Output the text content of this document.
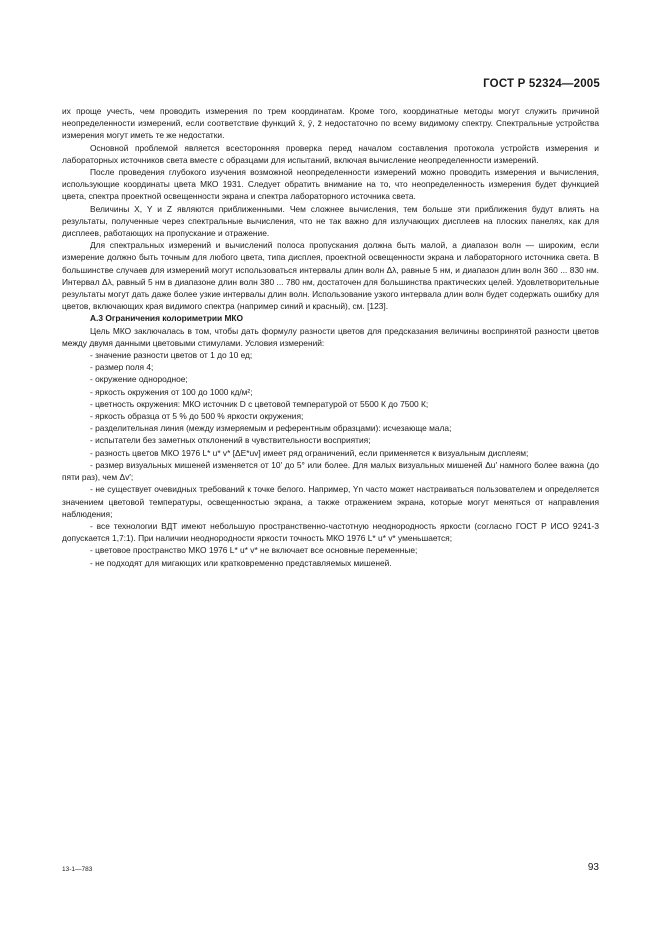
ГОСТ Р 52324—2005

их проще учесть, чем проводить измерения по трем координатам. Кроме того, координатные методы могут служить причиной неопределенности измерений, если соответствие функций x̄, ȳ, z̄ недостаточно по всему видимому спектру. Спектральные устройства измерения могут иметь те же недостатки.

Основной проблемой является всесторонняя проверка перед началом составления протокола устройств измерения и лабораторных источников света вместе с образцами для испытаний, включая вычисление неопределенности измерений.

После проведения глубокого изучения возможной неопределенности измерений можно проводить измерения и вычисления, использующие координаты цвета МКО 1931. Следует обратить внимание на то, что неопределенность измерения будет функцией цвета, спектра проектной освещенности экрана и спектра лабораторного источника света.

Величины X, Y и Z являются приближенными. Чем сложнее вычисления, тем больше эти приближения будут влиять на результаты, полученные через спектральные вычисления, что не так важно для излучающих дисплеев на плоских панелях, как для дисплеев, работающих на пропускание и отражение.

Для спектральных измерений и вычислений полоса пропускания должна быть малой, а диапазон волн — широким, если измерение должно быть точным для любого цвета, типа дисплея, проектной освещенности экрана и лабораторного источника света. В большинстве случаев для измерений могут использоваться интервалы длин волн Δλ, равные 5 нм, и диапазон длин волн 360 ... 830 нм. Интервал Δλ, равный 5 нм в диапазоне длин волн 380 ... 780 нм, достаточен для большинства практических целей. Удовлетворительные результаты могут дать даже более узкие интервалы длин волн. Использование узкого интервала длин волн будет содержать ошибку для цветов, включающих края видимого спектра (например синий и красный), см. [123].

А.3 Ограничения колориметрии МКО

Цель МКО заключалась в том, чтобы дать формулу разности цветов для предсказания величины воспринятой разности цветов между двумя данными цветовыми стимулами. Условия измерений:

- значение разности цветов от 1 до 10 ед;

- размер поля 4;

- окружение однородное;

- яркость окружения от 100 до 1000 кд/м²;

- цветность окружения: МКО источник D с цветовой температурой от 5500 К до 7500 К;

- яркость образца от 5 % до 500 % яркости окружения;

- разделительная линия (между измеряемым и референтным образцами): исчезающе мала;

- испытатели без заметных отклонений в чувствительности восприятия;

- разность цветов МКО 1976 L* u* v* [ΔE*uv] имеет ряд ограничений, если применяется к визуальным дисплеям;

- размер визуальных мишеней изменяется от 10′ до 5° или более. Для малых визуальных мишеней Δu′ намного более важна (до пяти раз), чем Δv′;

- не существует очевидных требований к точке белого. Например, Yn часто может настраиваться пользователем и определяется значением цветовой температуры, освещенностью экрана, а также отражением экрана, которые могут меняться от направления наблюдения;

- все технологии ВДТ имеют небольшую пространственно-частотную неоднородность яркости (согласно ГОСТ Р ИСО 9241-3 допускается 1,7:1). При наличии неоднородности яркости точность МКО 1976 L* u* v* уменьшается;

- цветовое пространство МКО 1976 L* u* v* не включает все основные переменные;

- не подходят для мигающих или кратковременно представляемых мишеней.

13-1—783	93
